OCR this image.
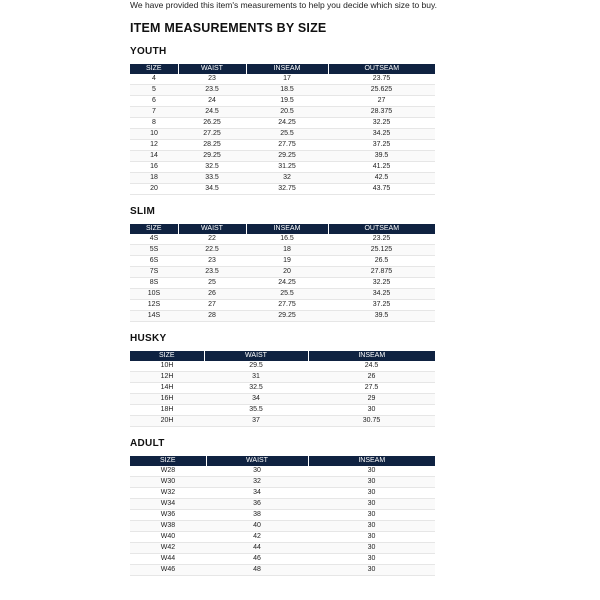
We have provided this item's measurements to help you decide which size to buy.
ITEM MEASUREMENTS BY SIZE
YOUTH
SIZE	WAIST	INSEAM	OUTSEAM
4	23	17	23.75
5	23.5	18.5	25.625
6	24	19.5	27
7	24.5	20.5	28.375
8	26.25	24.25	32.25
10	27.25	25.5	34.25
12	28.25	27.75	37.25
14	29.25	29.25	39.5
16	32.5	31.25	41.25
18	33.5	32	42.5
20	34.5	32.75	43.75
SLIM
SIZE	WAIST	INSEAM	OUTSEAM
4S	22	16.5	23.25
5S	22.5	18	25.125
6S	23	19	26.5
7S	23.5	20	27.875
8S	25	24.25	32.25
10S	26	25.5	34.25
12S	27	27.75	37.25
14S	28	29.25	39.5
HUSKY
SIZE	WAIST	INSEAM
10H	29.5	24.5
12H	31	26
14H	32.5	27.5
16H	34	29
18H	35.5	30
20H	37	30.75
ADULT
SIZE	WAIST	INSEAM
W28	30	30
W30	32	30
W32	34	30
W34	36	30
W36	38	30
W38	40	30
W40	42	30
W42	44	30
W44	46	30
W46	48	30
